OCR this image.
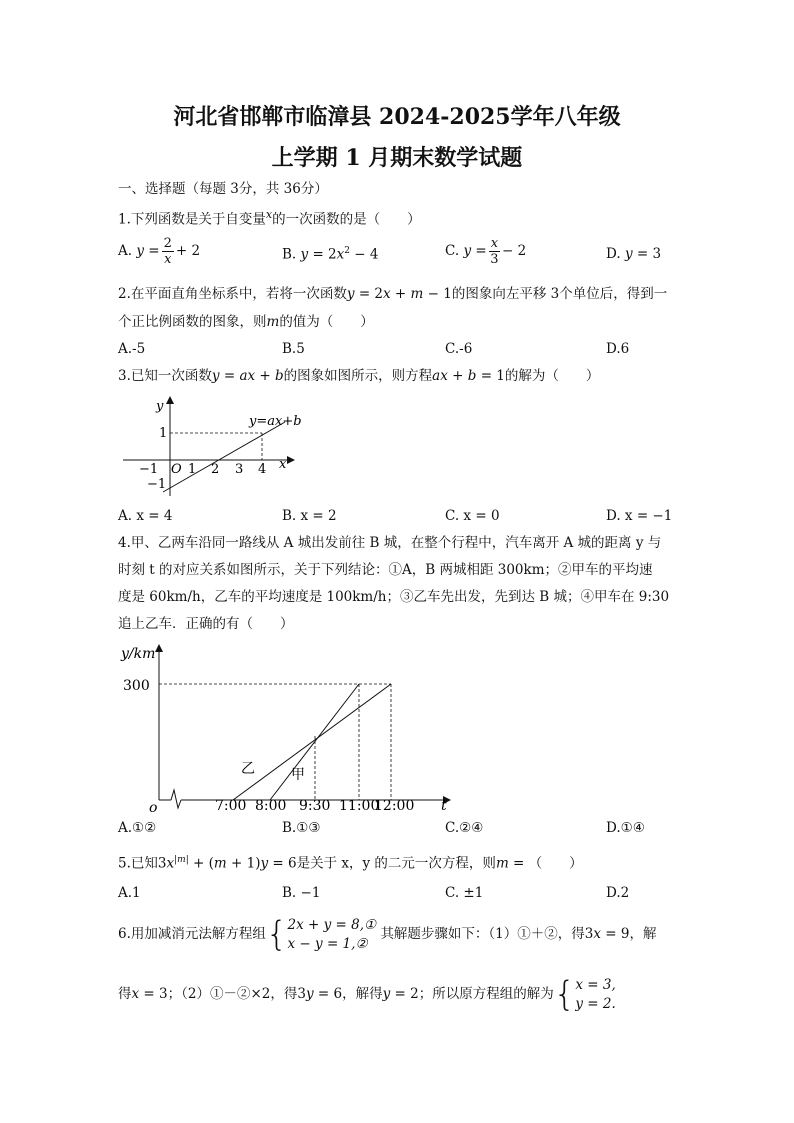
河北省邯郸市临漳县 2024-2025学年八年级
上学期 1 月期末数学试题
一、选择题（每题 3分，共 36分）
1.下列函数是关于自变量$^x$的一次函数的是（　　）
A. $y = \frac{2}{x} + 2$	B. $y = 2x^2 - 4$	C. $y = \frac{x}{3} - 2$	D. y = 3
2.在平面直角坐标系中，若将一次函数y = 2x + m − 1的图象向左平移 3个单位后，得到一
个正比例函数的图象，则m的值为（　　）
A.-5	B.5	C.-6	D.6
3.已知一次函数y = ax + b的图象如图所示，则方程ax + b = 1的解为（　　）
y
x
O
y=ax+b
−1 1 2 3 4
1
−1
A. x = 4	B. x = 2	C. x = 0	D. x = −1
4.甲、乙两车沿同一路线从 A 城出发前往 B 城，在整个行程中，汽车离开 A 城的距离 y 与
时刻 t 的对应关系如图所示，关于下列结论：①A，B 两城相距 300km；②甲车的平均速
度是 60km/h，乙车的平均速度是 100km/h；③乙车先出发，先到达 B 城；④甲车在 9:30
追上乙车．正确的有（　　）
y/km
300
t
o
乙	甲
7:00 8:00 9:30 11:00
12:00
A.①②	B.①③	C.②④	D.①④
5.已知$3x^{|m|} + (m + 1)y = 6$是关于 x，y 的二元一次方程，则m = （　　）
A.1	B. −1	C. ±1	D.2
6.用加减消元法解方程组{ 2x + y = 8,①
x − y = 1,②
其解题步骤如下：（1）①＋②，得3x = 9，解
得x = 3；（2）①－②×2，得3y = 6，解得y = 2；所以原方程组的解为{ x = 3,
y = 2.
